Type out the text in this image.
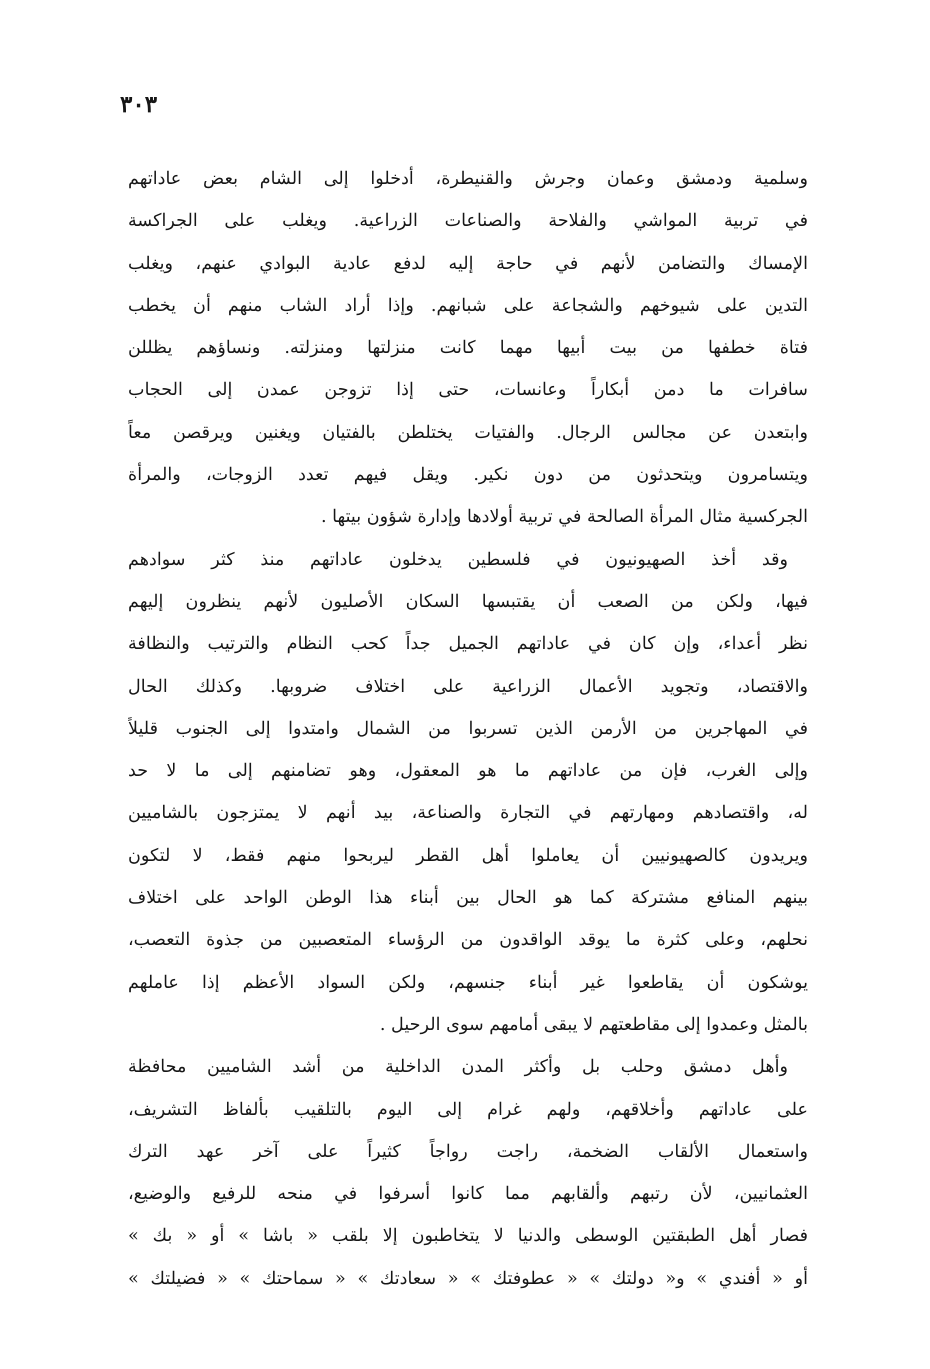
٣٠٣
وسلمية ودمشق وعمان وجرش والقنيطرة، أدخلوا إلى الشام بعض عاداتهم
في تربية المواشي والفلاحة والصناعات الزراعية. ويغلب على الجراكسة
الإمساك والتضامن لأنهم في حاجة إليه لدفع عادية البوادي عنهم، ويغلب
التدين على شيوخهم والشجاعة على شبانهم. وإذا أراد الشاب منهم أن يخطب
فتاة خطفها من بيت أبيها مهما كانت منزلتها ومنزلته. ونساؤهم يظللن
سافرات ما دمن أبكاراً وعانسات، حتى إذا تزوجن عمدن إلى الحجاب
وابتعدن عن مجالس الرجال. والفتيات يختلطن بالفتيان ويغنين ويرقصن معاً
ويتسامرون ويتحدثون من دون نكير. ويقل فيهم تعدد الزوجات، والمرأة
الجركسية مثال المرأة الصالحة في تربية أولادها وإدارة شؤون بيتها .
وقد أخذ الصهيونيون في فلسطين يدخلون عاداتهم منذ كثر سوادهم
فيها، ولكن من الصعب أن يقتبسها السكان الأصليون لأنهم ينظرون إليهم
نظر أعداء، وإن كان في عاداتهم الجميل جداً كحب النظام والترتيب والنظافة
والاقتصاد، وتجويد الأعمال الزراعية على اختلاف ضروبها. وكذلك الحال
في المهاجرين من الأرمن الذين تسربوا من الشمال وامتدوا إلى الجنوب قليلاً
وإلى الغرب، فإن من عاداتهم ما هو المعقول، وهو تضامنهم إلى ما لا حد
له، واقتصادهم ومهارتهم في التجارة والصناعة، بيد أنهم لا يمتزجون بالشاميين
ويريدون كالصهيونيين أن يعاملوا أهل القطر ليربحوا منهم فقط، لا لتكون
بينهم المنافع مشتركة كما هو الحال بين أبناء هذا الوطن الواحد على اختلاف
نحلهم، وعلى كثرة ما يوقد الواقدون من الرؤساء المتعصبين من جذوة التعصب،
يوشكون أن يقاطعوا غير أبناء جنسهم، ولكن السواد الأعظم إذا عاملهم
بالمثل وعمدوا إلى مقاطعتهم لا يبقى أمامهم سوى الرحيل .
وأهل دمشق وحلب بل وأكثر المدن الداخلية من أشد الشاميين محافظة
على عاداتهم وأخلاقهم، ولهم غرام إلى اليوم بالتلقيب بألفاظ التشريف،
واستعمال الألقاب الضخمة، راجت رواجاً كثيراً على آخر عهد الترك
العثمانيين، لأن رتبهم وألقابهم مما كانوا أسرفوا في منحه للرفيع والوضيع،
فصار أهل الطبقتين الوسطى والدنيا لا يتخاطبون إلا بلقب « باشا » أو « بك »
أو « أفندي » و« دولتك » « عطوفتك » « سعادتك » « سماحتك » « فضيلتك »
